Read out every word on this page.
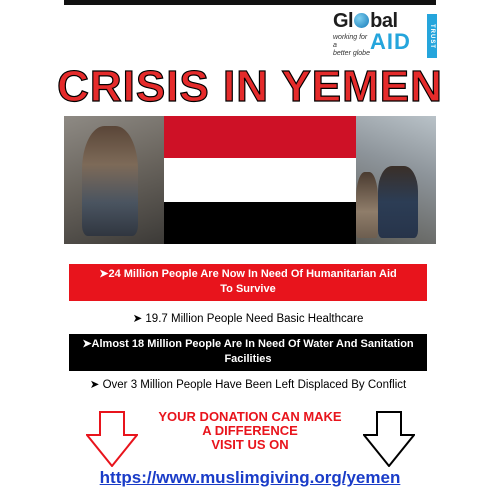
Gl bal
AID
working for a
better globe
TRUST
CRISIS IN YEMEN
➤24 Million People Are Now In Need Of Humanitarian Aid
To Survive
➤ 19.7 Million People Need Basic Healthcare
➤Almost 18 Million People Are In Need Of Water And Sanitation
Facilities
➤ Over 3 Million People Have Been Left Displaced By Conflict
YOUR DONATION CAN MAKE
A DIFFERENCE
VISIT US ON
https://www.muslimgiving.org/yemen
